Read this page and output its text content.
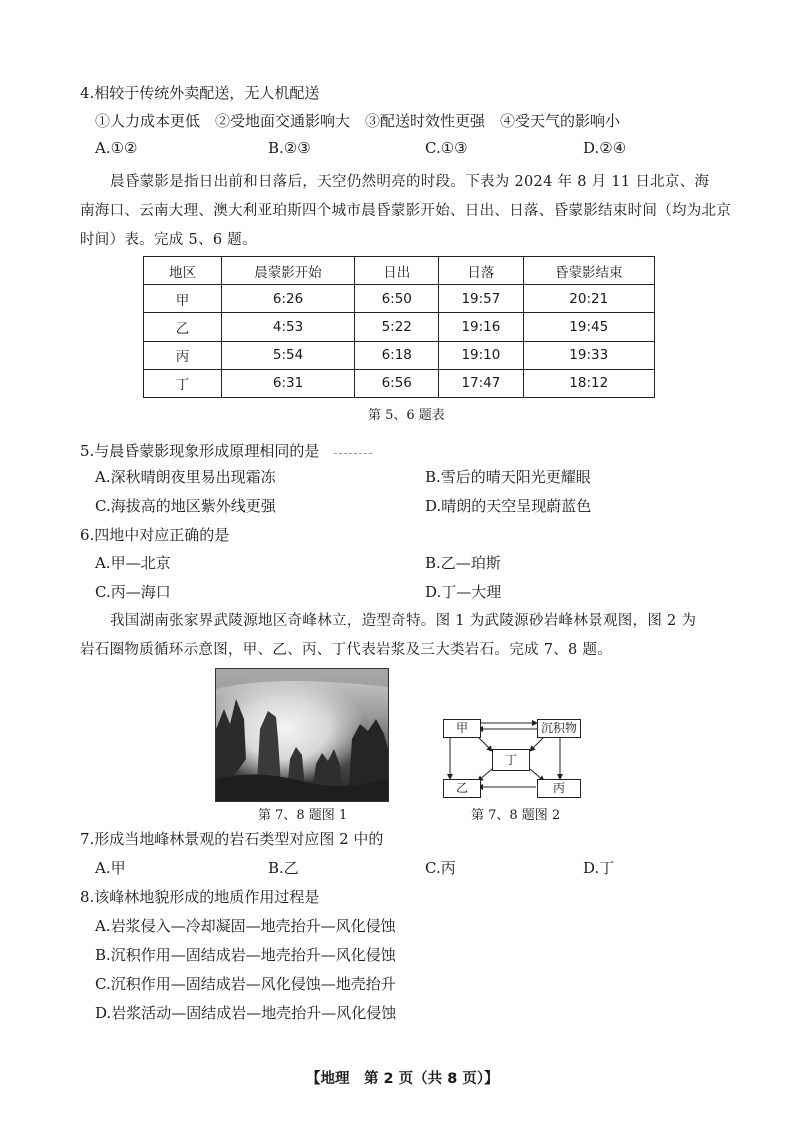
4.相较于传统外卖配送，无人机配送
①人力成本更低　②受地面交通影响大　③配送时效性更强　④受天气的影响小
A.①②	B.②③	C.①③	D.②④
晨昏蒙影是指日出前和日落后，天空仍然明亮的时段。下表为 2024 年 8 月 11 日北京、海
南海口、云南大理、澳大利亚珀斯四个城市晨昏蒙影开始、日出、日落、昏蒙影结束时间（均为北京
时间）表。完成 5、6 题。
地区	晨蒙影开始	日出	日落	昏蒙影结束
甲	6:26	6:50	19:57	20:21
乙	4:53	5:22	19:16	19:45
丙	5:54	6:18	19:10	19:33
丁	6:31	6:56	17:47	18:12
第 5、6 题表
5.与晨昏蒙影现象形成原理相同的是
A.深秋晴朗夜里易出现霜冻	B.雪后的晴天阳光更耀眼
C.海拔高的地区紫外线更强	D.晴朗的天空呈现蔚蓝色
6.四地中对应正确的是
A.甲—北京	B.乙—珀斯
C.丙—海口	D.丁—大理
我国湖南张家界武陵源地区奇峰林立，造型奇特。图 1 为武陵源砂岩峰林景观图，图 2 为
岩石圈物质循环示意图，甲、乙、丙、丁代表岩浆及三大类岩石。完成 7、8 题。
第 7、8 题图 1
甲	沉积物
丁
乙	丙
第 7、8 题图 2
7.形成当地峰林景观的岩石类型对应图 2 中的
A.甲	B.乙	C.丙	D.丁
8.该峰林地貌形成的地质作用过程是
A.岩浆侵入—冷却凝固—地壳抬升—风化侵蚀
B.沉积作用—固结成岩—地壳抬升—风化侵蚀
C.沉积作用—固结成岩—风化侵蚀—地壳抬升
D.岩浆活动—固结成岩—地壳抬升—风化侵蚀
【地理　第 2 页（共 8 页）】
